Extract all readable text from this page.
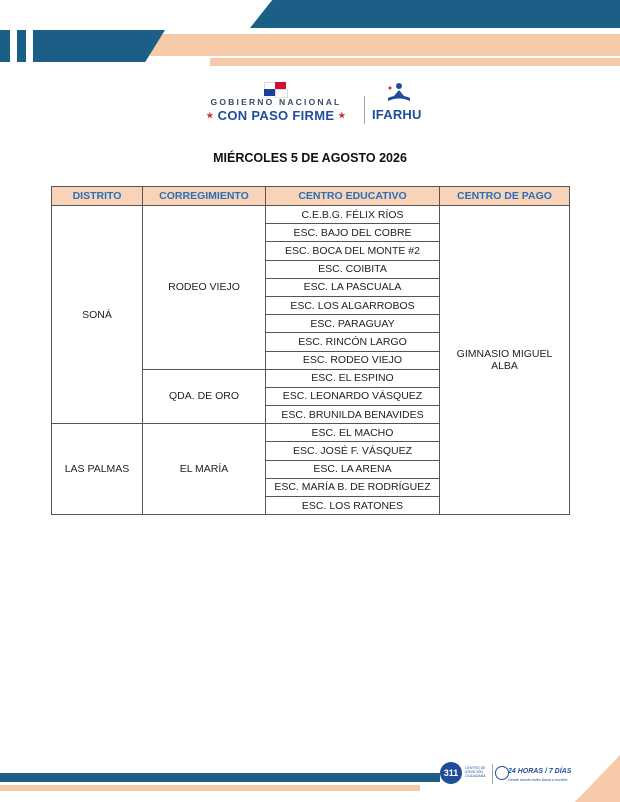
GOBIERNO NACIONAL
★ CON PASO FIRME ★	IFARHU
MIÉRCOLES 5 DE AGOSTO 2026
DISTRITO	CORREGIMIENTO	CENTRO EDUCATIVO	CENTRO DE PAGO
SONÁ	RODEO VIEJO	C.E.B.G. FÉLIX RÍOS	GIMNASIO MIGUEL ALBA
		ESC. BAJO DEL COBRE	
		ESC. BOCA DEL MONTE #2	
		ESC. COIBITA	
		ESC. LA PASCUALA	
		ESC. LOS ALGARROBOS	
		ESC. PARAGUAY	
		ESC. RINCÓN LARGO	
		ESC. RODEO VIEJO	
	QDA. DE ORO	ESC. EL ESPINO	
		ESC. LEONARDO VÁSQUEZ	
		ESC. BRUNILDA BENAVIDES	
LAS PALMAS	EL MARÍA	ESC. EL MACHO	
		ESC. JOSÉ F. VÁSQUEZ	
		ESC. LA ARENA	
		ESC. MARÍA B. DE RODRÍGUEZ	
		ESC. LOS RATONES	
311	CENTRO DE ATENCIÓN CIUDADANA
24 HORAS / 7 DÍAS
Desde donde estés llama o escribe
